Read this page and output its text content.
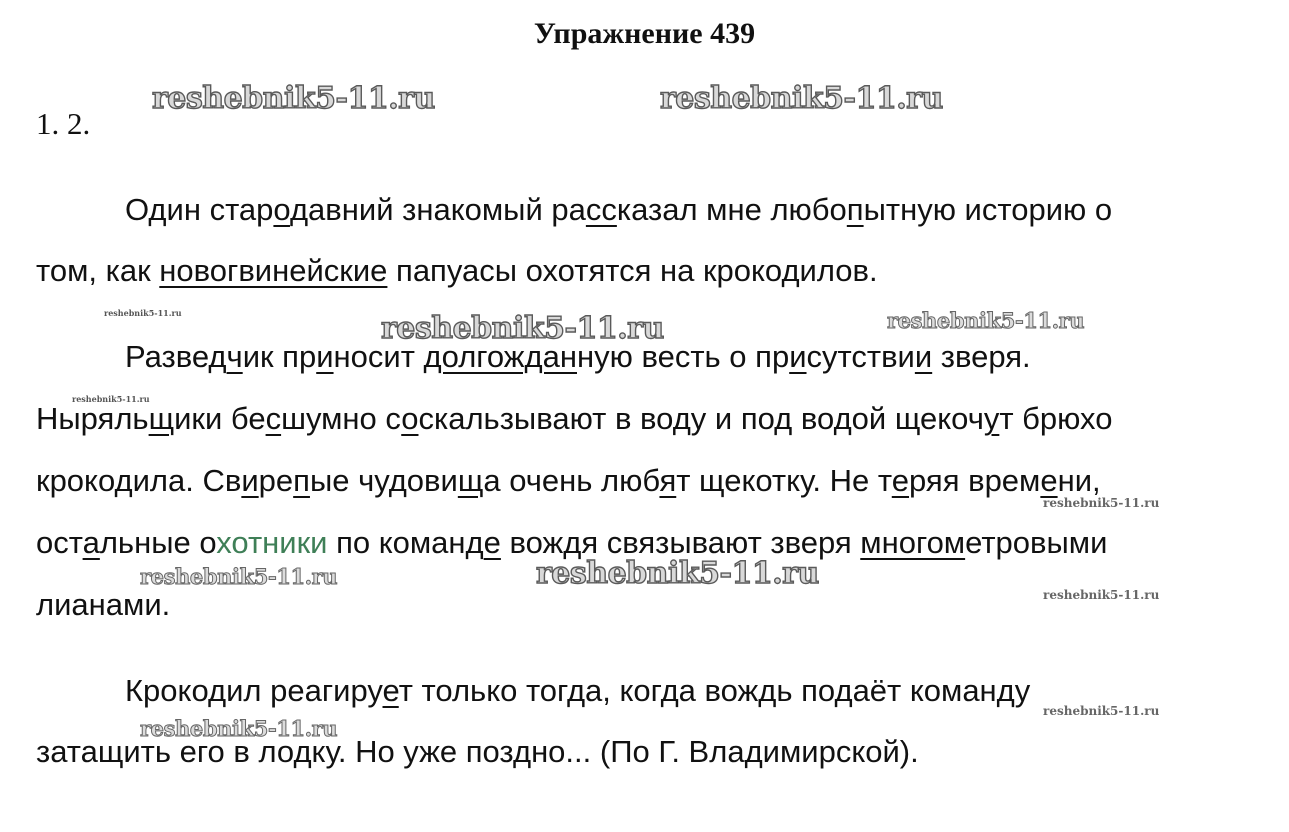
Упражнение 439
1. 2.
reshebnik5-11.ru	reshebnik5-11.ru
reshebnik5-11.ru	reshebnik5-11.ru	reshebnik5-11.ru
reshebnik5-11.ru
reshebnik5-11.ru
reshebnik5-11.ru	reshebnik5-11.ru
reshebnik5-11.ru
reshebnik5-11.ru
reshebnik5-11.ru
Один стародавний знакомый рассказал мне любопытную историю о
том, как новогвинейские папуасы охотятся на крокодилов.
Разведчик приносит долгожданную весть о присутствии зверя.
Ныряльщики бесшумно соскальзывают в воду и под водой щекочут брюхо
крокодила. Свирепые чудовища очень любят щекотку. Не теряя времени,
остальные охотники по команде вождя связывают зверя многометровыми
лианами.
Крокодил реагирует только тогда, когда вождь подаёт команду
затащить его в лодку. Но уже поздно... (По Г. Владимирской).
